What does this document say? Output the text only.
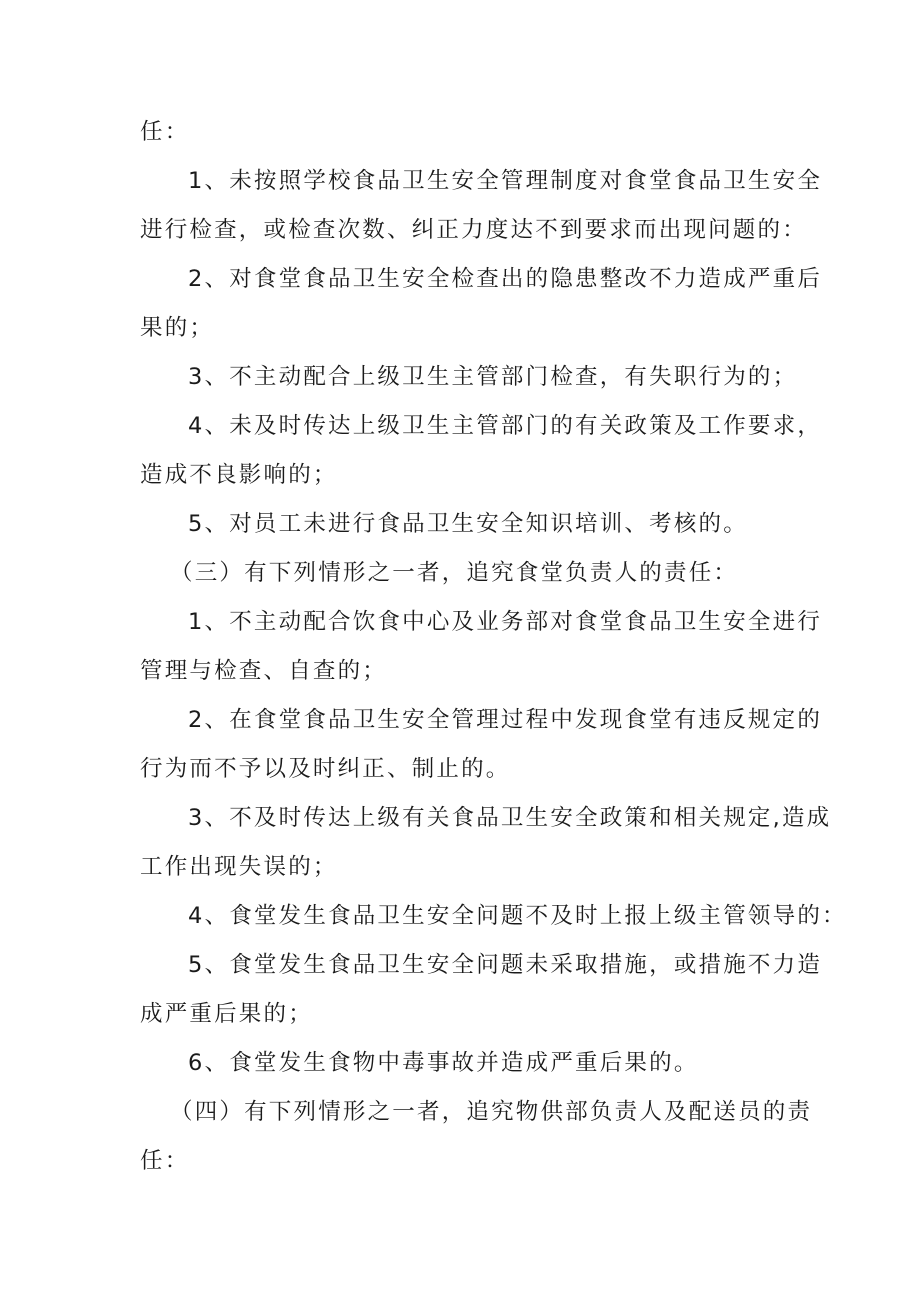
任：
1、未按照学校食品卫生安全管理制度对食堂食品卫生安全
进行检查，或检查次数、纠正力度达不到要求而出现问题的：
2、对食堂食品卫生安全检查出的隐患整改不力造成严重后
果的；
3、不主动配合上级卫生主管部门检查，有失职行为的；
4、未及时传达上级卫生主管部门的有关政策及工作要求，
造成不良影响的；
5、对员工未进行食品卫生安全知识培训、考核的。
（三）有下列情形之一者，追究食堂负责人的责任：
1、不主动配合饮食中心及业务部对食堂食品卫生安全进行
管理与检查、自查的；
2、在食堂食品卫生安全管理过程中发现食堂有违反规定的
行为而不予以及时纠正、制止的。
3、不及时传达上级有关食品卫生安全政策和相关规定,造成
工作出现失误的；
4、食堂发生食品卫生安全问题不及时上报上级主管领导的：
5、食堂发生食品卫生安全问题未采取措施，或措施不力造
成严重后果的；
6、食堂发生食物中毒事故并造成严重后果的。
（四）有下列情形之一者，追究物供部负责人及配送员的责
任：
